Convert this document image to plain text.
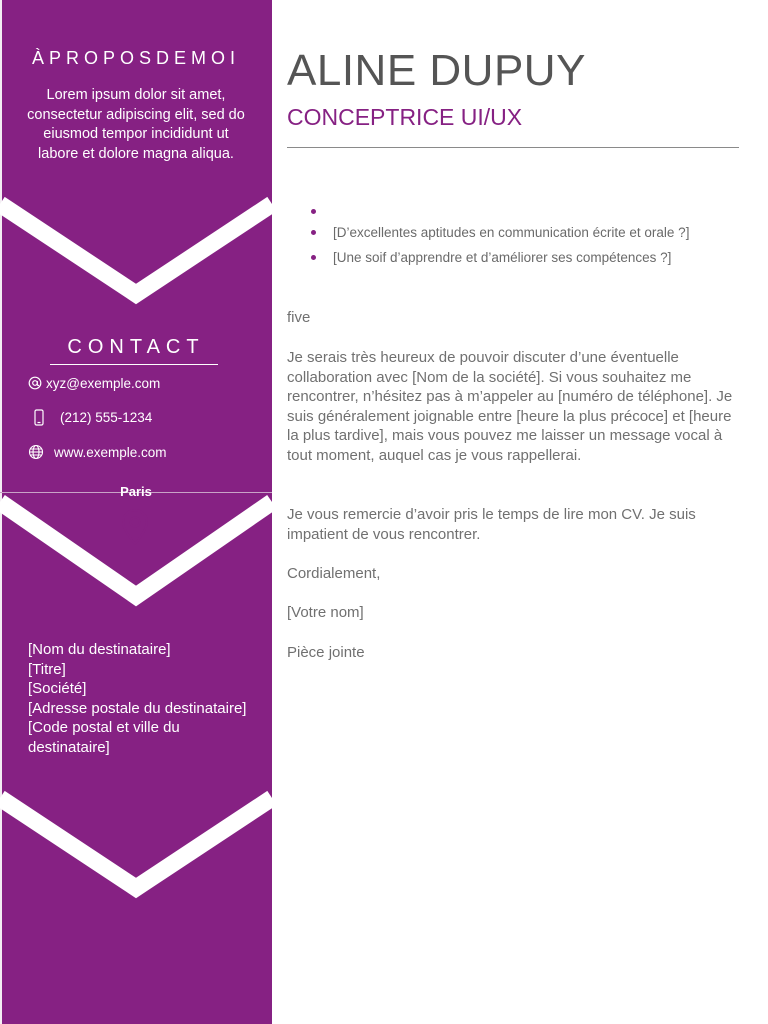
ÀPROPOSDEMOI
Lorem ipsum dolor sit amet, consectetur adipiscing elit, sed do eiusmod tempor incididunt ut labore et dolore magna aliqua.
CONTACT
xyz@exemple.com
(212) 555-1234
www.exemple.com
Paris
[Nom du destinataire]
[Titre]
[Société]
[Adresse postale du destinataire]
[Code postal et ville du destinataire]
ALINE DUPUY
CONCEPTRICE UI/UX
[D’excellentes aptitudes en communication écrite et orale ?]
[Une soif d’apprendre et d’améliorer ses compétences ?]
five
Je serais très heureux de pouvoir discuter d’une éventuelle collaboration avec [Nom de la société]. Si vous souhaitez me rencontrer, n’hésitez pas à m’appeler au [numéro de téléphone]. Je suis généralement joignable entre [heure la plus précoce] et [heure la plus tardive], mais vous pouvez me laisser un message vocal à tout moment, auquel cas je vous rappellerai.
Je vous remercie d’avoir pris le temps de lire mon CV. Je suis impatient de vous rencontrer.
Cordialement,
[Votre nom]
Pièce jointe
